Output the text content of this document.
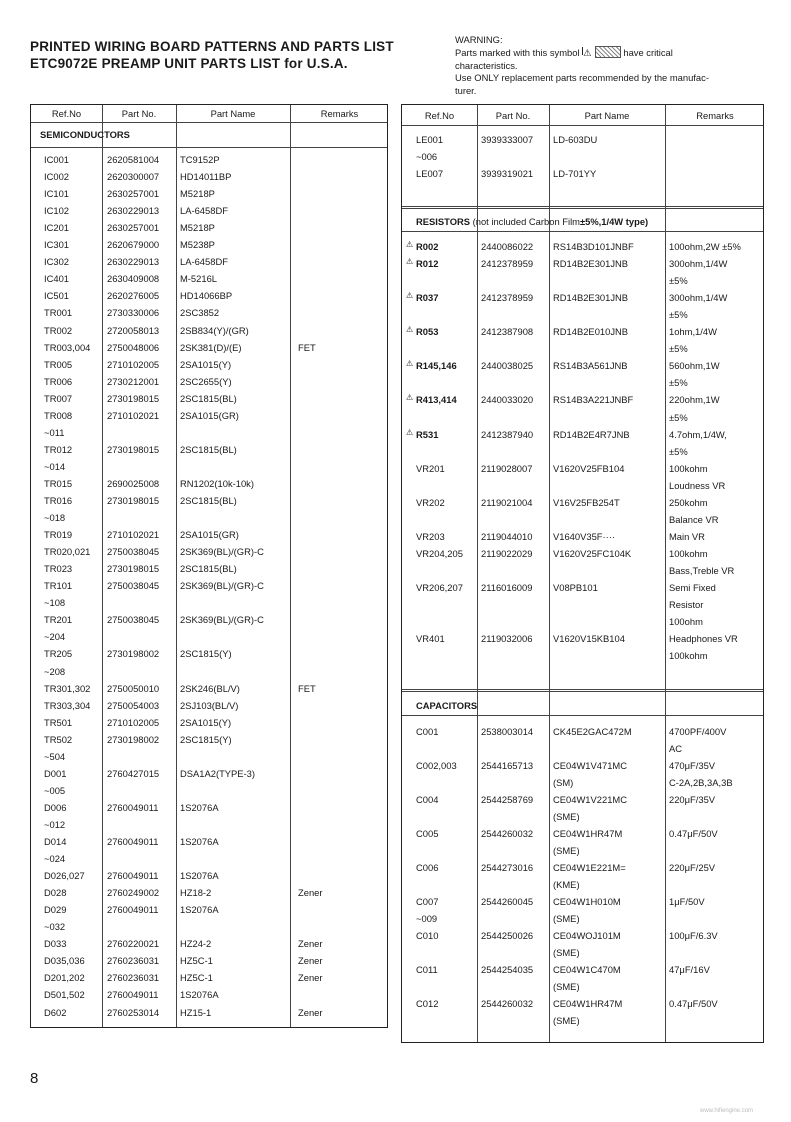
PRINTED WIRING BOARD PATTERNS AND PARTS LIST
ETC9072E PREAMP UNIT PARTS LIST for U.S.A.
WARNING:
Parts marked with this symbol ⚠	have critical
characteristics.
Use ONLY replacement parts recommended by the manufac-
turer.
Ref.No	Part No.	Part Name	Remarks
SEMICONDUCTORS
IC001	2620581004 TC9152P
IC002	2620300007 HD14011BP
IC101	2630257001 M5218P
IC102	2630229013 LA-6458DF
IC201	2630257001 M5218P
IC301	2620679000 M5238P
IC302	2630229013 LA-6458DF
IC401	2630409008 M-5216L
IC501	2620276005 HD14066BP
TR001	2730330006 2SC3852
TR002	2720058013 2SB834(Y)/(GR)
TR003,004 2750048006 2SK381(D)/(E)	FET
TR005	2710102005 2SA1015(Y)
TR006	2730212001 2SC2655(Y)
TR007	2730198015 2SC1815(BL)
TR008	2710102021 2SA1015(GR)
~011
TR012	2730198015 2SC1815(BL)
~014
TR015	2690025008 RN1202(10k-10k)
TR016	2730198015 2SC1815(BL)
~018
TR019	2710102021 2SA1015(GR)
TR020,021 2750038045 2SK369(BL)/(GR)-C
TR023	2730198015 2SC1815(BL)
TR101	2750038045 2SK369(BL)/(GR)-C
~108
TR201	2750038045 2SK369(BL)/(GR)-C
~204
TR205	2730198002 2SC1815(Y)
~208
TR301,302 2750050010 2SK246(BL/V)	FET
TR303,304 2750054003 2SJ103(BL/V)
TR501	2710102005 2SA1015(Y)
TR502	2730198002 2SC1815(Y)
~504
D001	2760427015 DSA1A2(TYPE-3)
~005
D006	2760049011 1S2076A
~012
D014	2760049011 1S2076A
~024
D026,027 2760049011 1S2076A
D028	2760249002 HZ18-2	Zener
D029	2760049011 1S2076A
~032
D033	2760220021 HZ24-2	Zener
D035,036 2760236031 HZ5C-1	Zener
D201,202 2760236031 HZ5C-1	Zener
D501,502 2760049011 1S2076A
D602	2760253014 HZ15-1	Zener
Ref.No	Part No.	Part Name	Remarks
LE001	3939333007 LD-603DU
~006
LE007	3939319021 LD-701YY
RESISTORS (not included Carbon Film±5%,1/4W type)
R002	2440086022 RS14B3D101JNBF	100ohm,2W ±5%
⚠
R012	2412378959 RD14B2E301JNB	300ohm,1/4W
⚠
±5%
R037	2412378959 RD14B2E301JNB	300ohm,1/4W
⚠
±5%
R053	2412387908 RD14B2E010JNB	1ohm,1/4W
⚠
±5%
R145,146	2440038025 RS14B3A561JNB	560ohm,1W
⚠
±5%
R413,414	2440033020 RS14B3A221JNBF	220ohm,1W
⚠
±5%
R531	2412387940 RD14B2E4R7JNB	4.7ohm,1/4W,
⚠
±5%
VR201	2119028007 V1620V25FB104	100kohm
Loudness VR
VR202	2119021004 V16V25FB254T	250kohm
Balance VR
VR203	2119044010 V1640V35F····	Main VR
VR204,205 2119022029 V1620V25FC104K	100kohm
Bass,Treble VR
VR206,207 2116016009 V08PB101	Semi Fixed
Resistor
100ohm
VR401	2119032006 V1620V15KB104	Headphones VR
100kohm
CAPACITORS
C001	2538003014 CK45E2GAC472M	4700PF/400V
AC
C002,003	2544165713 CE04W1V471MC	470μF/35V
(SM)	C-2A,2B,3A,3B
C004	2544258769 CE04W1V221MC	220μF/35V
(SME)
C005	2544260032 CE04W1HR47M	0.47μF/50V
(SME)
C006	2544273016 CE04W1E221M=	220μF/25V
(KME)
C007	2544260045 CE04W1H010M	1μF/50V
~009	(SME)
C010	2544250026 CE04WOJ101M	100μF/6.3V
(SME)
C011	2544254035 CE04W1C470M	47μF/16V
(SME)
C012	2544260032 CE04W1HR47M	0.47μF/50V
(SME)
8
www.hifiengine.com
